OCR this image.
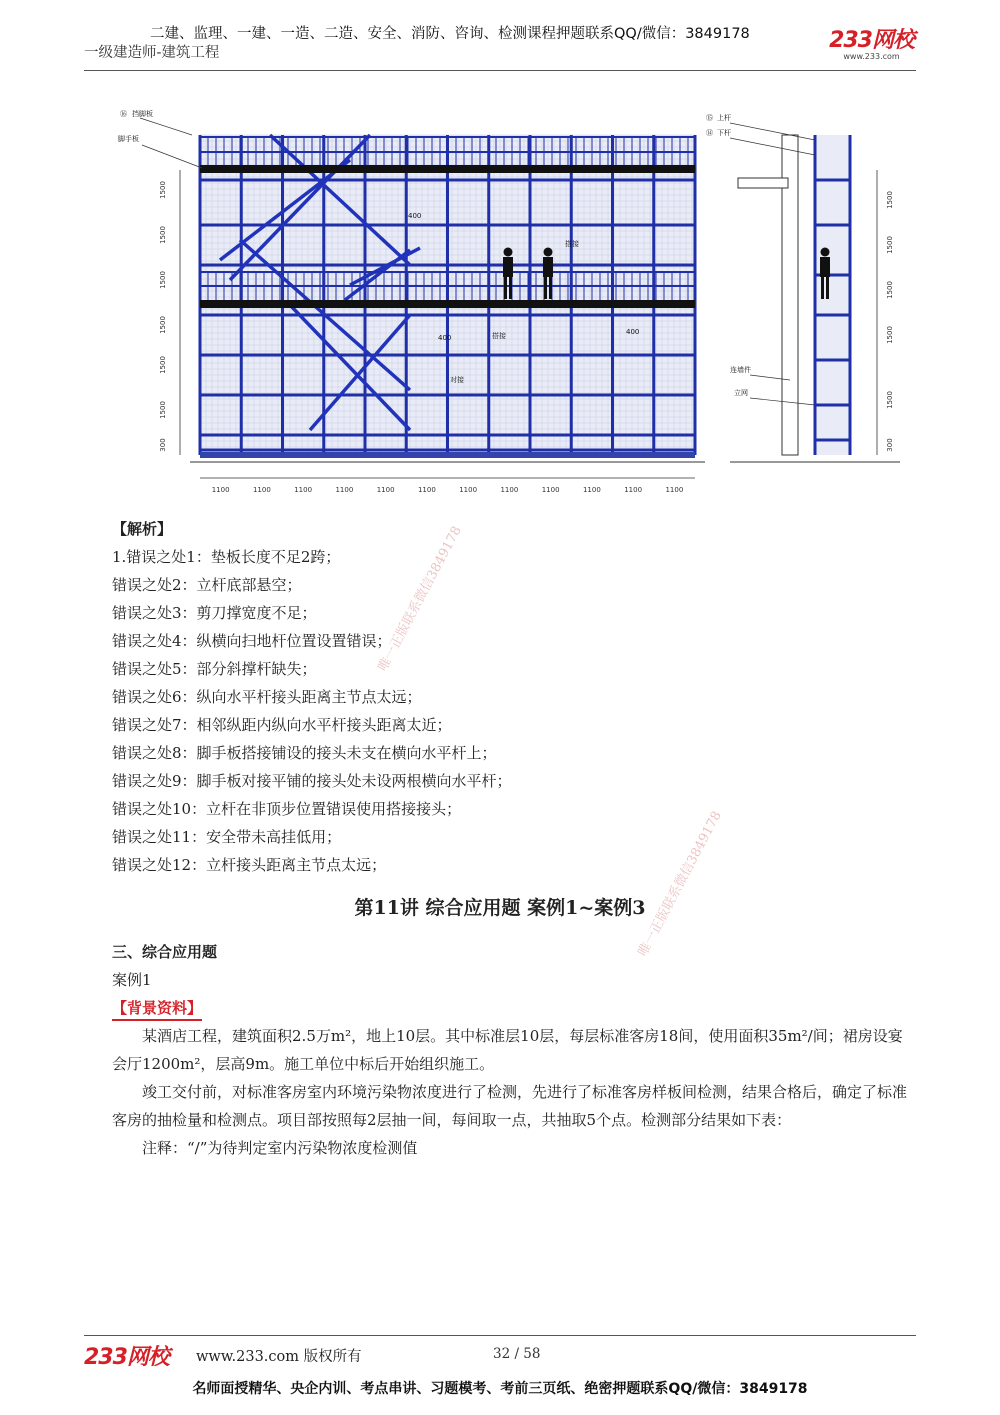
二建、监理、一建、一造、二造、安全、消防、咨询、检测课程押题联系QQ/微信：3849178
一级建造师-建筑工程	233网校
www.233.com
1500
1500
1500
1500
1500
1500
300
1100	1100	1100	1100	1100	1100	1100	1100	1100	1100	1100	1100
⑯ 挡脚板
脚手板
搭接
搭接
对接
400
400
400
1500
1500
1500
1500
1500
300
⑮ 上杆
⑭ 下杆
连墙件
立网
【解析】
1.错误之处1：垫板长度不足2跨；
错误之处2：立杆底部悬空；
错误之处3：剪刀撑宽度不足；
错误之处4：纵横向扫地杆位置设置错误；
错误之处5：部分斜撑杆缺失；
错误之处6：纵向水平杆接头距离主节点太远；
错误之处7：相邻纵距内纵向水平杆接头距离太近；
错误之处8：脚手板搭接铺设的接头未支在横向水平杆上；
错误之处9：脚手板对接平铺的接头处未设两根横向水平杆；
错误之处10：立杆在非顶步位置错误使用搭接接头；
错误之处11：安全带未高挂低用；
错误之处12：立杆接头距离主节点太远；
第11讲 综合应用题 案例1~案例3
三、综合应用题
案例1
【背景资料】
某酒店工程，建筑面积2.5万m²，地上10层。其中标准层10层，每层标准客房18间，使用面积35m²/间；裙房设宴会厅1200m²，层高9m。施工单位中标后开始组织施工。
竣工交付前，对标准客房室内环境污染物浓度进行了检测，先进行了标准客房样板间检测，结果合格后，确定了标准客房的抽检量和检测点。项目部按照每2层抽一间，每间取一点，共抽取5个点。检测部分结果如下表：
注释：“/”为待判定室内污染物浓度检测值
唯一正版联系微信3849178
唯一正版联系微信3849178
233网校 www.233.com 版权所有	32 / 58
名师面授精华、央企内训、考点串讲、习题模考、考前三页纸、绝密押题联系QQ/微信：3849178
